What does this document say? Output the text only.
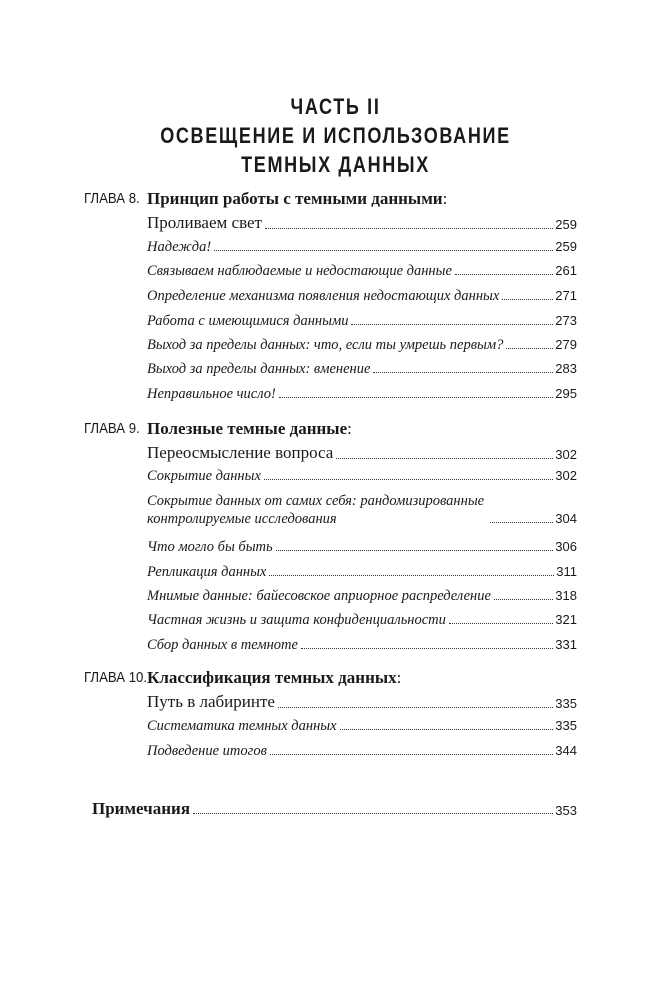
ЧАСТЬ II
ОСВЕЩЕНИЕ И ИСПОЛЬЗОВАНИЕ
ТЕМНЫХ ДАННЫХ
ГЛАВА 8. Принцип работы с темными данными:
Проливаем свет	259
Надежда!	259
Связываем наблюдаемые и недостающие данные	261
Определение механизма появления недостающих данных	271
Работа с имеющимися данными	273
Выход за пределы данных: что, если ты умрешь первым?	279
Выход за пределы данных: вменение	283
Неправильное число!	295
ГЛАВА 9. Полезные темные данные:
Переосмысление вопроса	302
Сокрытие данных	302
Сокрытие данных от самих себя: рандомизированные контролируемые исследования	304
Что могло бы быть	306
Репликация данных	311
Мнимые данные: байесовское априорное распределение	318
Частная жизнь и защита конфиденциальности	321
Сбор данных в темноте	331
ГЛАВА 10. Классификация темных данных:
Путь в лабиринте	335
Систематика темных данных	335
Подведение итогов	344
Примечания	353
